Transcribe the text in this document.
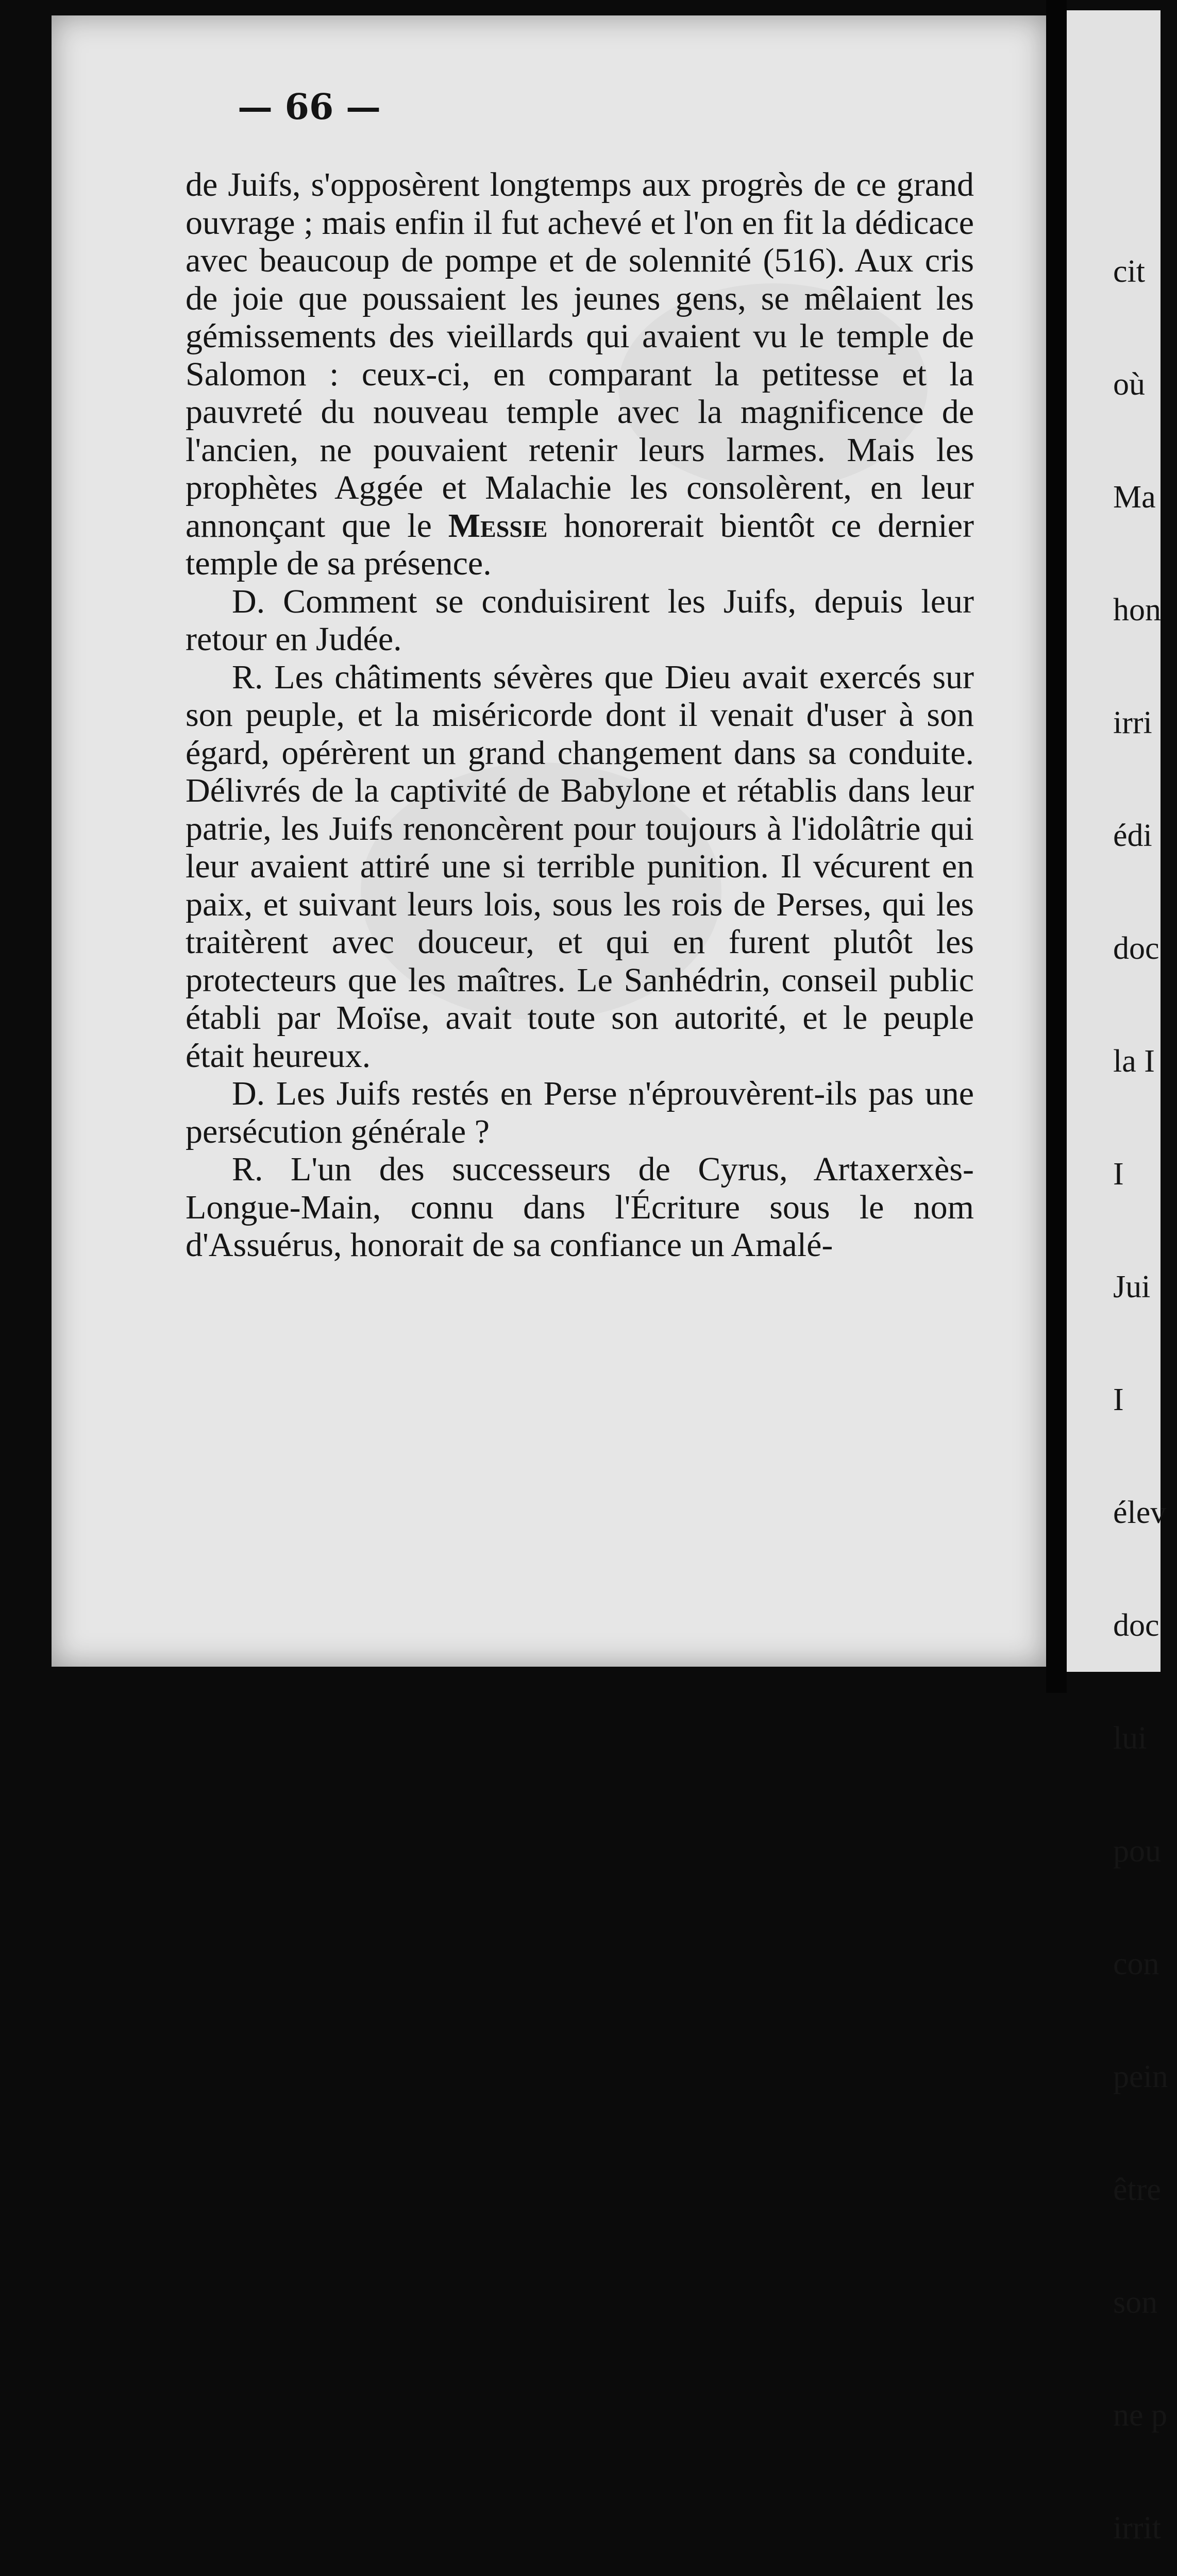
— 66 —

de Juifs, s'opposèrent longtemps aux progrès de ce grand ouvrage ; mais enfin il fut achevé et l'on en fit la dédicace avec beaucoup de pompe et de solennité (516). Aux cris de joie que poussaient les jeunes gens, se mêlaient les gémissements des vieillards qui avaient vu le temple de Salomon : ceux-ci, en comparant la petitesse et la pauvreté du nouveau temple avec la magnificence de l'ancien, ne pouvaient retenir leurs larmes. Mais les prophètes Aggée et Malachie les consolèrent, en leur annonçant que le Messie honorerait bientôt ce dernier temple de sa présence.

D. Comment se conduisirent les Juifs, depuis leur retour en Judée.

R. Les châtiments sévères que Dieu avait exercés sur son peuple, et la miséricorde dont il venait d'user à son égard, opérèrent un grand changement dans sa conduite. Délivrés de la captivité de Babylone et rétablis dans leur patrie, les Juifs renoncèrent pour toujours à l'idolâtrie qui leur avaient attiré une si terrible punition. Il vécurent en paix, et suivant leurs lois, sous les rois de Perses, qui les traitèrent avec douceur, et qui en furent plutôt les protecteurs que les maîtres. Le Sanhédrin, conseil public établi par Moïse, avait toute son autorité, et le peuple était heureux.

D. Les Juifs restés en Perse n'éprouvèrent-ils pas une persécution générale ?

R. L'un des successeurs de Cyrus, Artaxerxès-Longue-Main, connu dans l'Écriture sous le nom d'Assuérus, honorait de sa confiance un Amalé-

cit

où

Ma

hon

irri

édi

doc

la I

I

Jui

I

élev

doc

lui

pou

con

pein

être

son

ne p

irrit
